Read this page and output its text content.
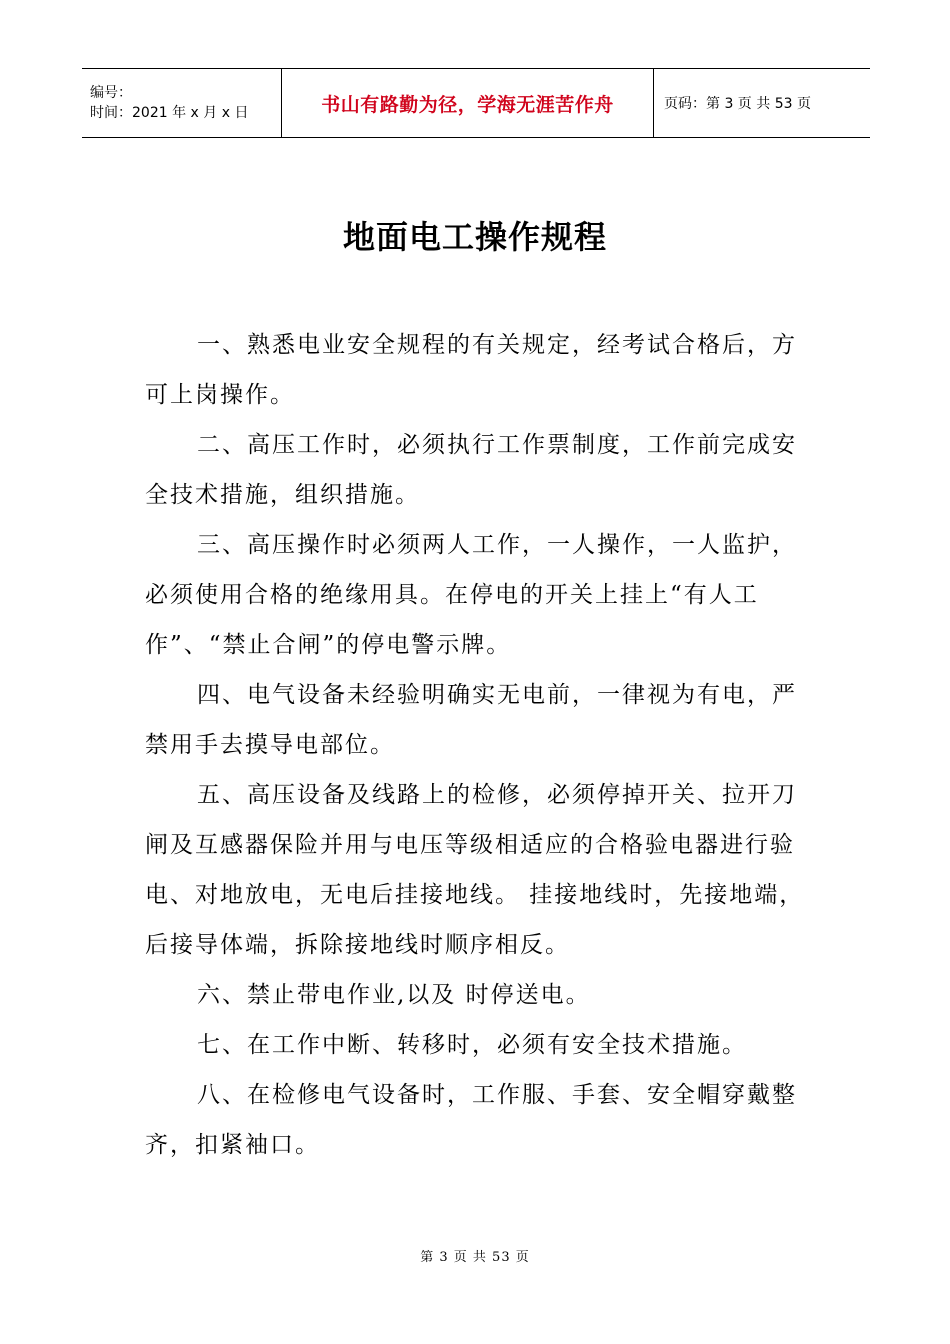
编号：
时间：2021 年 x 月 x 日	书山有路勤为径，学海无涯苦作舟	页码：第 3 页 共 53 页
地面电工操作规程

一、熟悉电业安全规程的有关规定，经考试合格后，方可上岗操作。

二、高压工作时，必须执行工作票制度，工作前完成安全技术措施，组织措施。

三、高压操作时必须两人工作，一人操作，一人监护，必须使用合格的绝缘用具。在停电的开关上挂上“有人工作”、“禁止合闸”的停电警示牌。

四、电气设备未经验明确实无电前，一律视为有电，严禁用手去摸导电部位。

五、高压设备及线路上的检修，必须停掉开关、拉开刀闸及互感器保险并用与电压等级相适应的合格验电器进行验电、对地放电，无电后挂接地线。 挂接地线时，先接地端，后接导体端，拆除接地线时顺序相反。

六、禁止带电作业,以及 时停送电。

七、在工作中断、转移时，必须有安全技术措施。

八、在检修电气设备时，工作服、手套、安全帽穿戴整齐，扣紧袖口。

第 3 页 共 53 页
